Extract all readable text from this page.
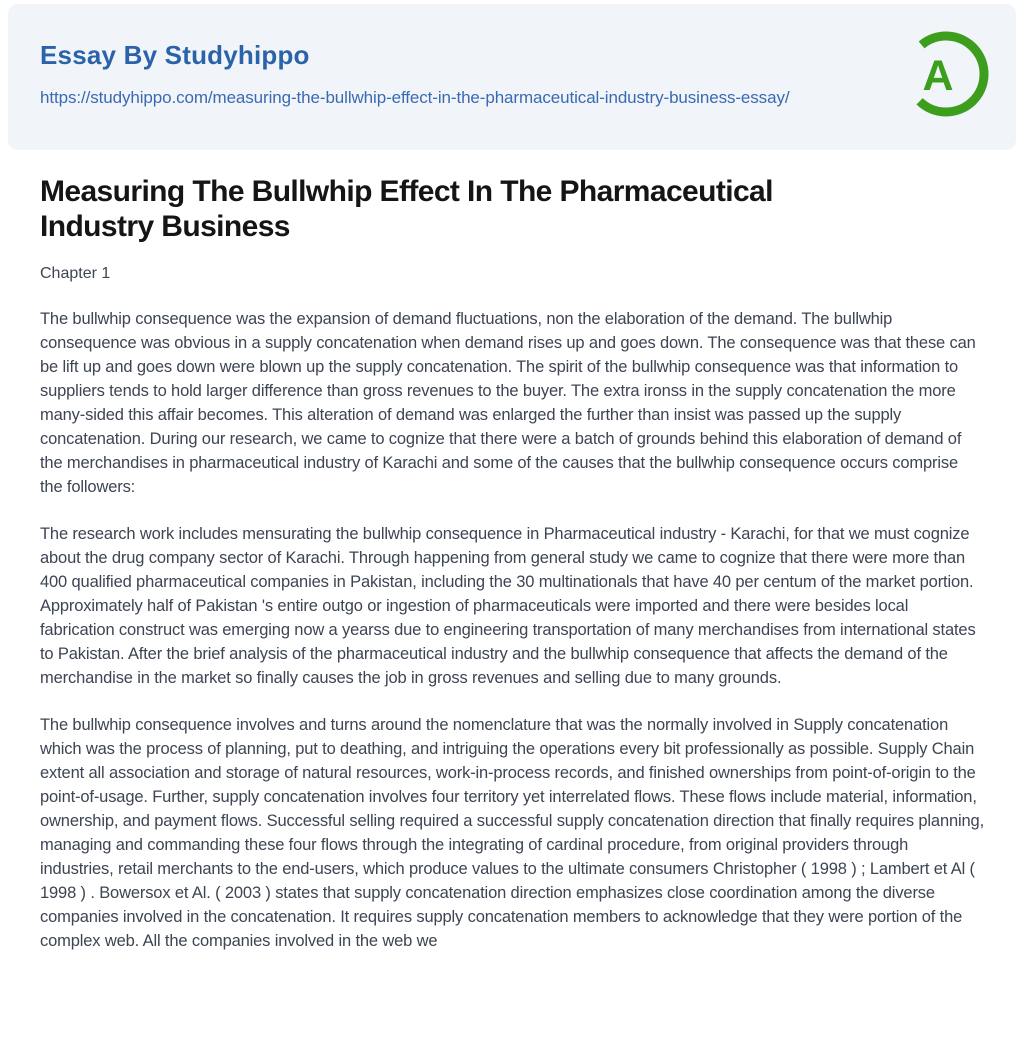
Essay By Studyhippo
https://studyhippo.com/measuring-the-bullwhip-effect-in-the-pharmaceutical-industry-business-essay/	A
Measuring The Bullwhip Effect In The Pharmaceutical Industry Business
Chapter 1

The bullwhip consequence was the expansion of demand fluctuations, non the elaboration of the demand. The bullwhip consequence was obvious in a supply concatenation when demand rises up and goes down. The consequence was that these can be lift up and goes down were blown up the supply concatenation. The spirit of the bullwhip consequence was that information to suppliers tends to hold larger difference than gross revenues to the buyer. The extra ironss in the supply concatenation the more many-sided this affair becomes. This alteration of demand was enlarged the further than insist was passed up the supply concatenation. During our research, we came to cognize that there were a batch of grounds behind this elaboration of demand of the merchandises in pharmaceutical industry of Karachi and some of the causes that the bullwhip consequence occurs comprise the followers:

The research work includes mensurating the bullwhip consequence in Pharmaceutical industry - Karachi, for that we must cognize about the drug company sector of Karachi. Through happening from general study we came to cognize that there were more than 400 qualified pharmaceutical companies in Pakistan, including the 30 multinationals that have 40 per centum of the market portion. Approximately half of Pakistan 's entire outgo or ingestion of pharmaceuticals were imported and there were besides local fabrication construct was emerging now a yearss due to engineering transportation of many merchandises from international states to Pakistan. After the brief analysis of the pharmaceutical industry and the bullwhip consequence that affects the demand of the merchandise in the market so finally causes the job in gross revenues and selling due to many grounds.

The bullwhip consequence involves and turns around the nomenclature that was the normally involved in Supply concatenation which was the process of planning, put to deathing, and intriguing the operations every bit professionally as possible. Supply Chain extent all association and storage of natural resources, work-in-process records, and finished ownerships from point-of-origin to the point-of-usage. Further, supply concatenation involves four territory yet interrelated flows. These flows include material, information, ownership, and payment flows. Successful selling required a successful supply concatenation direction that finally requires planning, managing and commanding these four flows through the integrating of cardinal procedure, from original providers through industries, retail merchants to the end-users, which produce values to the ultimate consumers Christopher ( 1998 ) ; Lambert et Al ( 1998 ) . Bowersox et Al. ( 2003 ) states that supply concatenation direction emphasizes close coordination among the diverse companies involved in the concatenation. It requires supply concatenation members to acknowledge that they were portion of the complex web. All the companies involved in the web we
